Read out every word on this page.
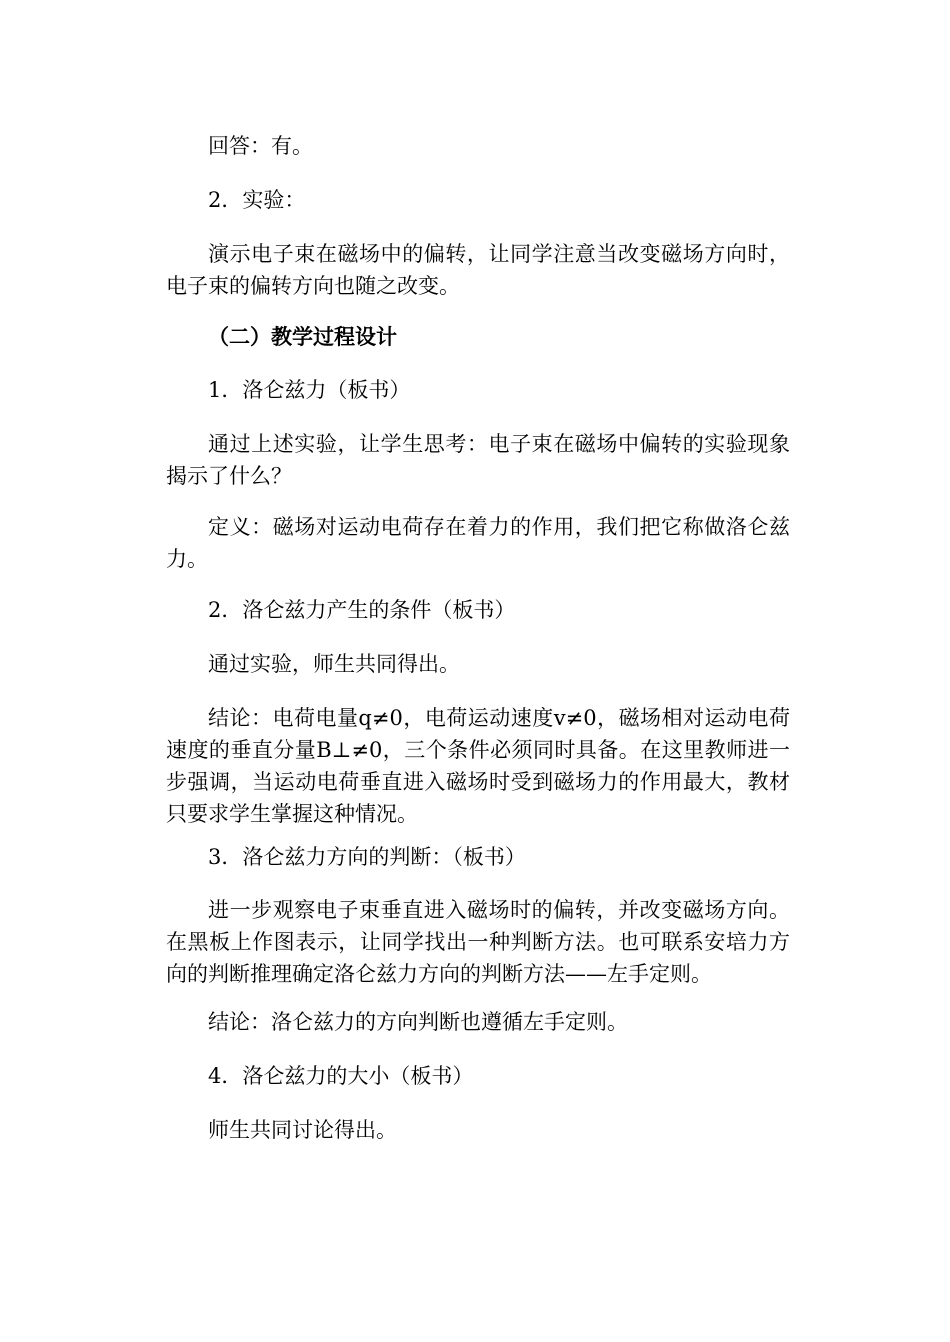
回答：有。

2．实验：

演示电子束在磁场中的偏转，让同学注意当改变磁场方向时，电子束的偏转方向也随之改变。

（二）教学过程设计

1．洛仑兹力（板书）

通过上述实验，让学生思考：电子束在磁场中偏转的实验现象揭示了什么？

定义：磁场对运动电荷存在着力的作用，我们把它称做洛仑兹力。

2．洛仑兹力产生的条件（板书）

通过实验，师生共同得出。

结论：电荷电量q≠0，电荷运动速度v≠0，磁场相对运动电荷速度的垂直分量B⊥≠0，三个条件必须同时具备。在这里教师进一步强调，当运动电荷垂直进入磁场时受到磁场力的作用最大，教材只要求学生掌握这种情况。

3．洛仑兹力方向的判断：（板书）

进一步观察电子束垂直进入磁场时的偏转，并改变磁场方向。在黑板上作图表示，让同学找出一种判断方法。也可联系安培力方向的判断推理确定洛仑兹力方向的判断方法——左手定则。

结论：洛仑兹力的方向判断也遵循左手定则。

4．洛仑兹力的大小（板书）

师生共同讨论得出。
